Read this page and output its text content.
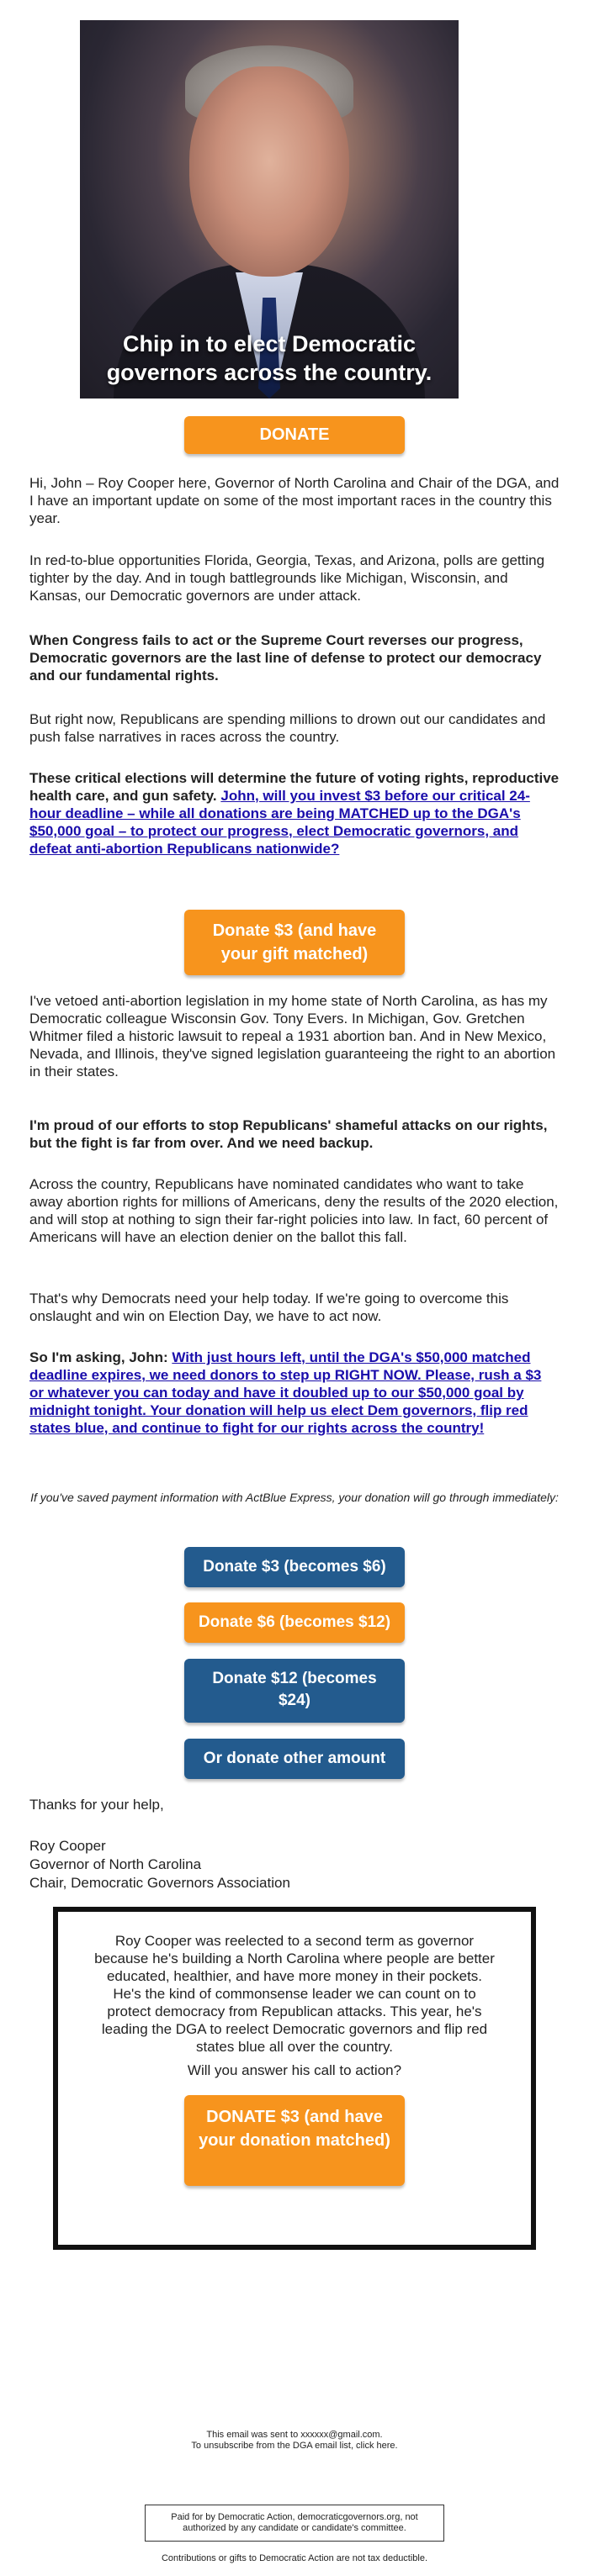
Chip in to elect Democratic
governors across the country.
DONATE

Hi, John – Roy Cooper here, Governor of North Carolina and Chair of the DGA, and I have an important update on some of the most important races in the country this year.

In red-to-blue opportunities Florida, Georgia, Texas, and Arizona, polls are getting tighter by the day. And in tough battlegrounds like Michigan, Wisconsin, and Kansas, our Democratic governors are under attack.

When Congress fails to act or the Supreme Court reverses our progress, Democratic governors are the last line of defense to protect our democracy and our fundamental rights.

But right now, Republicans are spending millions to drown out our candidates and push false narratives in races across the country.

These critical elections will determine the future of voting rights, reproductive health care, and gun safety. John, will you invest $3 before our critical 24-hour deadline – while all donations are being MATCHED up to the DGA's $50,000 goal – to protect our progress, elect Democratic governors, and defeat anti-abortion Republicans nationwide?

Donate $3 (and have your gift matched)

I've vetoed anti-abortion legislation in my home state of North Carolina, as has my Democratic colleague Wisconsin Gov. Tony Evers. In Michigan, Gov. Gretchen Whitmer filed a historic lawsuit to repeal a 1931 abortion ban. And in New Mexico, Nevada, and Illinois, they've signed legislation guaranteeing the right to an abortion in their states.

I'm proud of our efforts to stop Republicans' shameful attacks on our rights, but the fight is far from over. And we need backup.

Across the country, Republicans have nominated candidates who want to take away abortion rights for millions of Americans, deny the results of the 2020 election, and will stop at nothing to sign their far-right policies into law. In fact, 60 percent of Americans will have an election denier on the ballot this fall.

That's why Democrats need your help today. If we're going to overcome this onslaught and win on Election Day, we have to act now.

So I'm asking, John: With just hours left, until the DGA's $50,000 matched deadline expires, we need donors to step up RIGHT NOW. Please, rush a $3 or whatever you can today and have it doubled up to our $50,000 goal by midnight tonight. Your donation will help us elect Dem governors, flip red states blue, and continue to fight for our rights across the country!

If you've saved payment information with ActBlue Express, your donation will go through immediately:

Donate $3 (becomes $6)
Donate $6 (becomes $12)
Donate $12 (becomes $24)
Or donate other amount

Thanks for your help,

Roy Cooper

Governor of North Carolina

Chair, Democratic Governors Association

Roy Cooper was reelected to a second term as governor because he's building a North Carolina where people are better educated, healthier, and have more money in their pockets. He's the kind of commonsense leader we can count on to protect democracy from Republican attacks. This year, he's leading the DGA to reelect Democratic governors and flip red states blue all over the country.

Will you answer his call to action?

DONATE $3 (and have your donation matched)
This email was sent to xxxxxx@gmail.com.
To unsubscribe from the DGA email list, click here.
Paid for by Democratic Action, democraticgovernors.org, not authorized by any candidate or candidate's committee.
Contributions or gifts to Democratic Action are not tax deductible.
